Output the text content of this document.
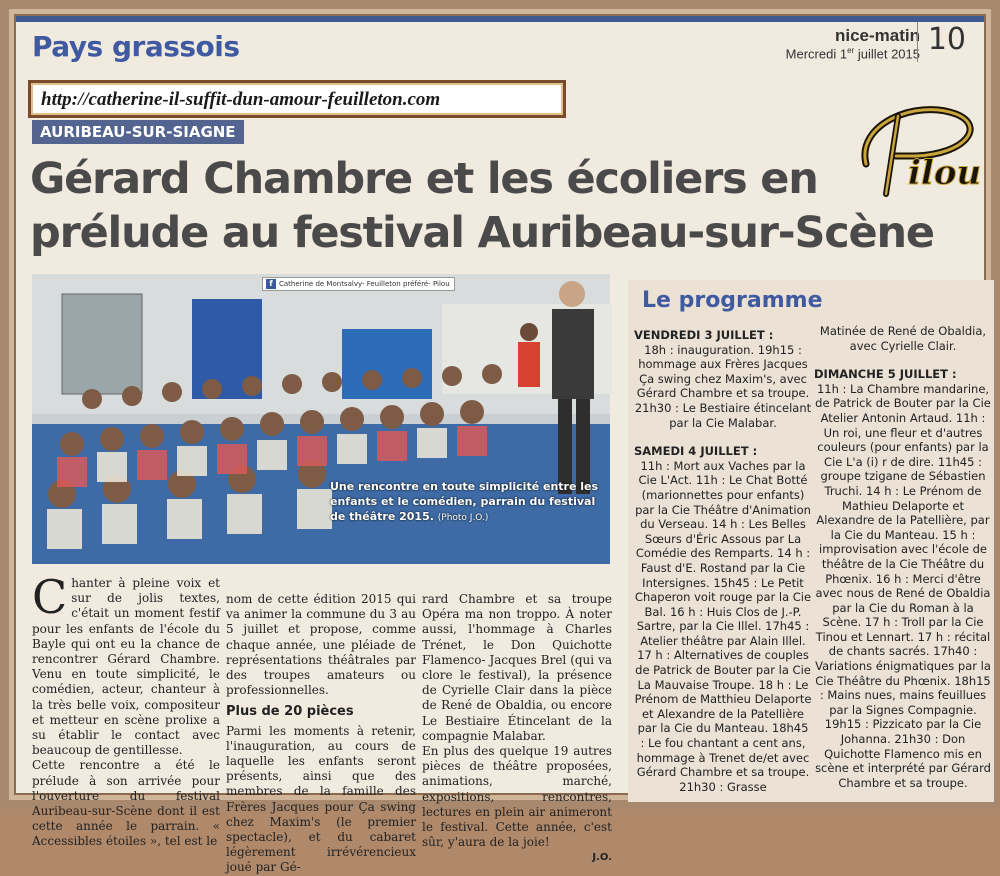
Pays grassois	nice-matin
Mercredi 1er juillet 2015 10
http://catherine-il-suffit-dun-amour-feuilleton.com
AURIBEAU-SUR-SIAGNE
ilou
Gérard Chambre et les écoliers en prélude au festival Auribeau-sur-Scène
f Catherine de Montsalvy- Feuilleton préféré- Pilou
Une rencontre en toute simplicité entre les enfants et le comédien, parrain du festival de théâtre 2015. (Photo J.O.)
C hanter à pleine voix et sur de jolis textes, c'était un moment festif pour les enfants de l'école du Bayle qui ont eu la chance de rencontrer Gérard Chambre. Venu en toute simplicité, le comédien, acteur, chanteur à la très belle voix, compositeur et metteur en scène prolixe a su établir le contact avec beaucoup de gentillesse.

Cette rencontre a été le prélude à son arrivée pour l'ouverture du festival Auribeau-sur-Scène dont il est cette année le parrain. « Accessibles étoiles », tel est le

nom de cette édition 2015 qui va animer la commune du 3 au 5 juillet et propose, comme chaque année, une pléiade de représentations théâtrales par des troupes amateurs ou professionnelles.

Plus de 20 pièces

Parmi les moments à retenir, l'inauguration, au cours de laquelle les enfants seront présents, ainsi que des membres de la famille des Frères Jacques pour Ça swing chez Maxim's (le premier spectacle), et du cabaret légèrement irrévérencieux joué par Gé-

rard Chambre et sa troupe Opéra ma non troppo. À noter aussi, l'hommage à Charles Trénet, le Don Quichotte Flamenco- Jacques Brel (qui va clore le festival), la présence de Cyrielle Clair dans la pièce de René de Obaldia, ou encore Le Bestiaire Étincelant de la compagnie Malabar.

En plus des quelque 19 autres pièces de théâtre proposées, animations, marché, expositions, rencontres, lectures en plein air animeront le festival. Cette année, c'est sûr, y'aura de la joie!

J.O.
Le programme
VENDREDI 3 JUILLET :

18h : inauguration. 19h15 : hommage aux Frères Jacques Ça swing chez Maxim's, avec Gérard Chambre et sa troupe. 21h30 : Le Bestiaire étincelant par la Cie Malabar.

SAMEDI 4 JUILLET :

11h : Mort aux Vaches par la Cie L'Act. 11h : Le Chat Botté (marionnettes pour enfants) par la Cie Théâtre d'Animation du Verseau. 14 h : Les Belles Sœurs d'Éric Assous par La Comédie des Remparts. 14 h : Faust d'E. Rostand par la Cie Intersignes. 15h45 : Le Petit Chaperon voit rouge par la Cie Bal. 16 h : Huis Clos de J.-P. Sartre, par la Cie Illel. 17h45 : Atelier théâtre par Alain Illel. 17 h : Alternatives de couples de Patrick de Bouter par la Cie La Mauvaise Troupe. 18 h : Le Prénom de Matthieu Delaporte et Alexandre de la Patellière par la Cie du Manteau. 18h45 : Le fou chantant a cent ans, hommage à Trenet de/et avec Gérard Chambre et sa troupe. 21h30 : Grasse

Matinée de René de Obaldia, avec Cyrielle Clair.

DIMANCHE 5 JUILLET :

11h : La Chambre mandarine, de Patrick de Bouter par la Cie Atelier Antonin Artaud. 11h : Un roi, une fleur et d'autres couleurs (pour enfants) par la Cie L'a (i) r de dire. 11h45 : groupe tzigane de Sébastien Truchi. 14 h : Le Prénom de Mathieu Delaporte et Alexandre de la Patellière, par la Cie du Manteau. 15 h : improvisation avec l'école de théâtre de la Cie Théâtre du Phœnix. 16 h : Merci d'être avec nous de René de Obaldia par la Cie du Roman à la Scène. 17 h : Troll par la Cie Tinou et Lennart. 17 h : récital de chants sacrés. 17h40 : Variations énigmatiques par la Cie Théâtre du Phœnix. 18h15 : Mains nues, mains feuillues par la Signes Compagnie. 19h15 : Pizzicato par la Cie Johanna. 21h30 : Don Quichotte Flamenco mis en scène et interprété par Gérard Chambre et sa troupe.
